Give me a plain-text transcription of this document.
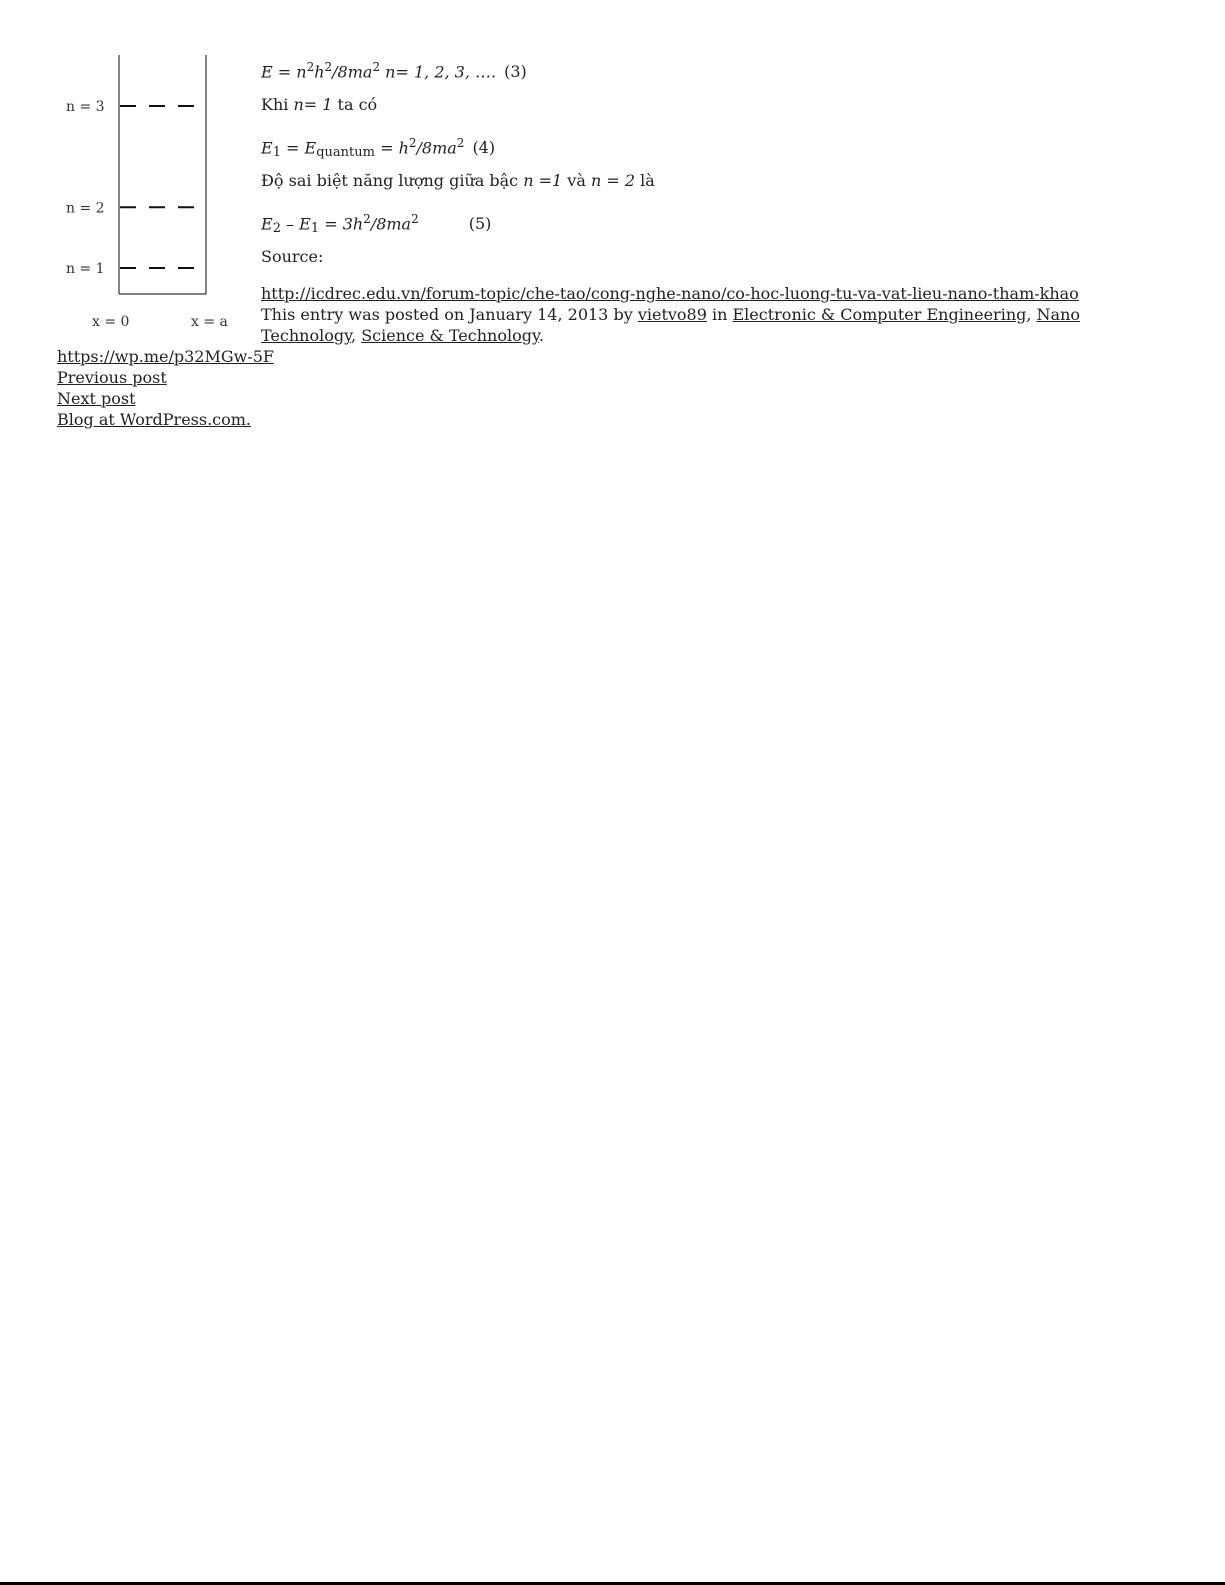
n = 3
n = 2
n = 1
x = 0	x = a
$E = n^2h^2/8ma^2$ n= 1, 2, 3, …. (3)
Khi n= 1 ta có
$E_1 = E_{quantum} = h^2/8ma^2$ (4)
Độ sai biệt năng lượng giữa bậc n =1 và n = 2 là
$E_2 - E_1 = 3h^2/8ma^2$	(5)
Source:
http://icdrec.edu.vn/forum-topic/che-tao/cong-nghe-nano/co-hoc-luong-tu-va-vat-lieu-nano-tham-khao
This entry was posted on January 14, 2013 by vietvo89 in Electronic & Computer Engineering, Nano Technology, Science & Technology.
https://wp.me/p32MGw-5F
Previous post
Next post
Blog at WordPress.com.
